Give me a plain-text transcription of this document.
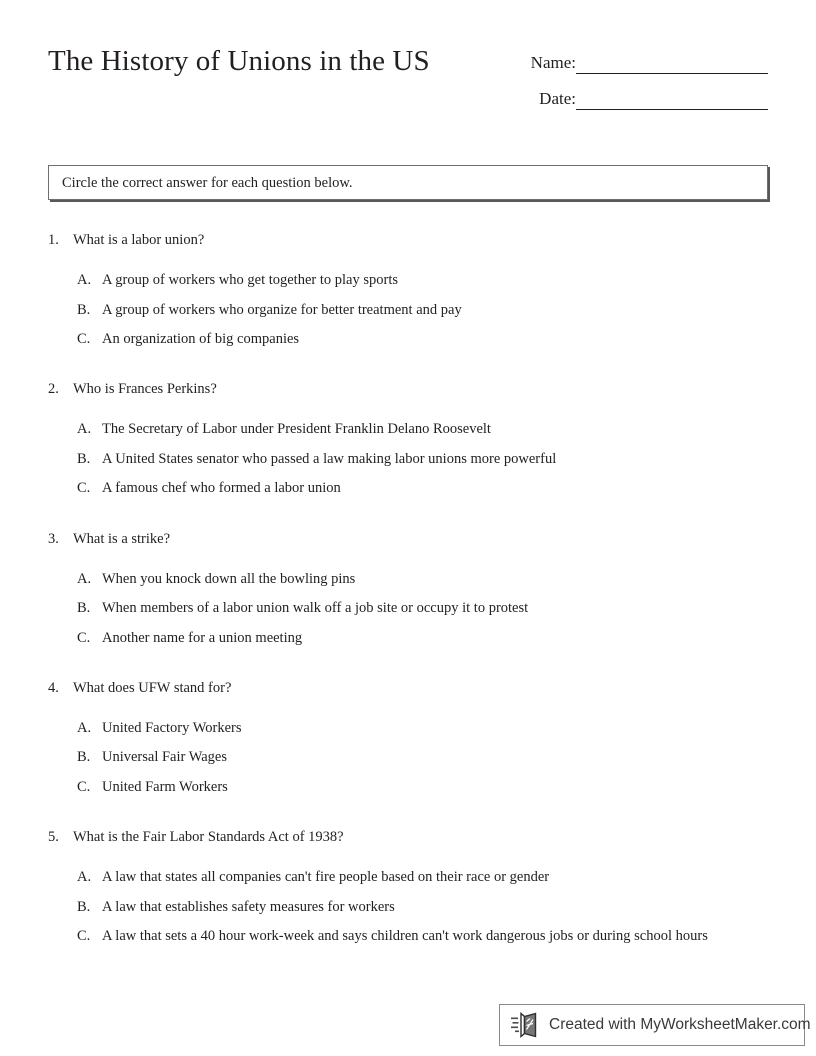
The History of Unions in the US	Name:
Date:
Circle the correct answer for each question below.
1. What is a labor union?
A. A group of workers who get together to play sports
B. A group of workers who organize for better treatment and pay
C. An organization of big companies
2. Who is Frances Perkins?
A. The Secretary of Labor under President Franklin Delano Roosevelt
B. A United States senator who passed a law making labor unions more powerful
C. A famous chef who formed a labor union
3. What is a strike?
A. When you knock down all the bowling pins
B. When members of a labor union walk off a job site or occupy it to protest
C. Another name for a union meeting
4. What does UFW stand for?
A. United Factory Workers
B. Universal Fair Wages
C. United Farm Workers
5. What is the Fair Labor Standards Act of 1938?
A. A law that states all companies can't fire people based on their race or gender
B. A law that establishes safety measures for workers
C. A law that sets a 40 hour work-week and says children can't work dangerous jobs or during school hours
Created with MyWorksheetMaker.com
